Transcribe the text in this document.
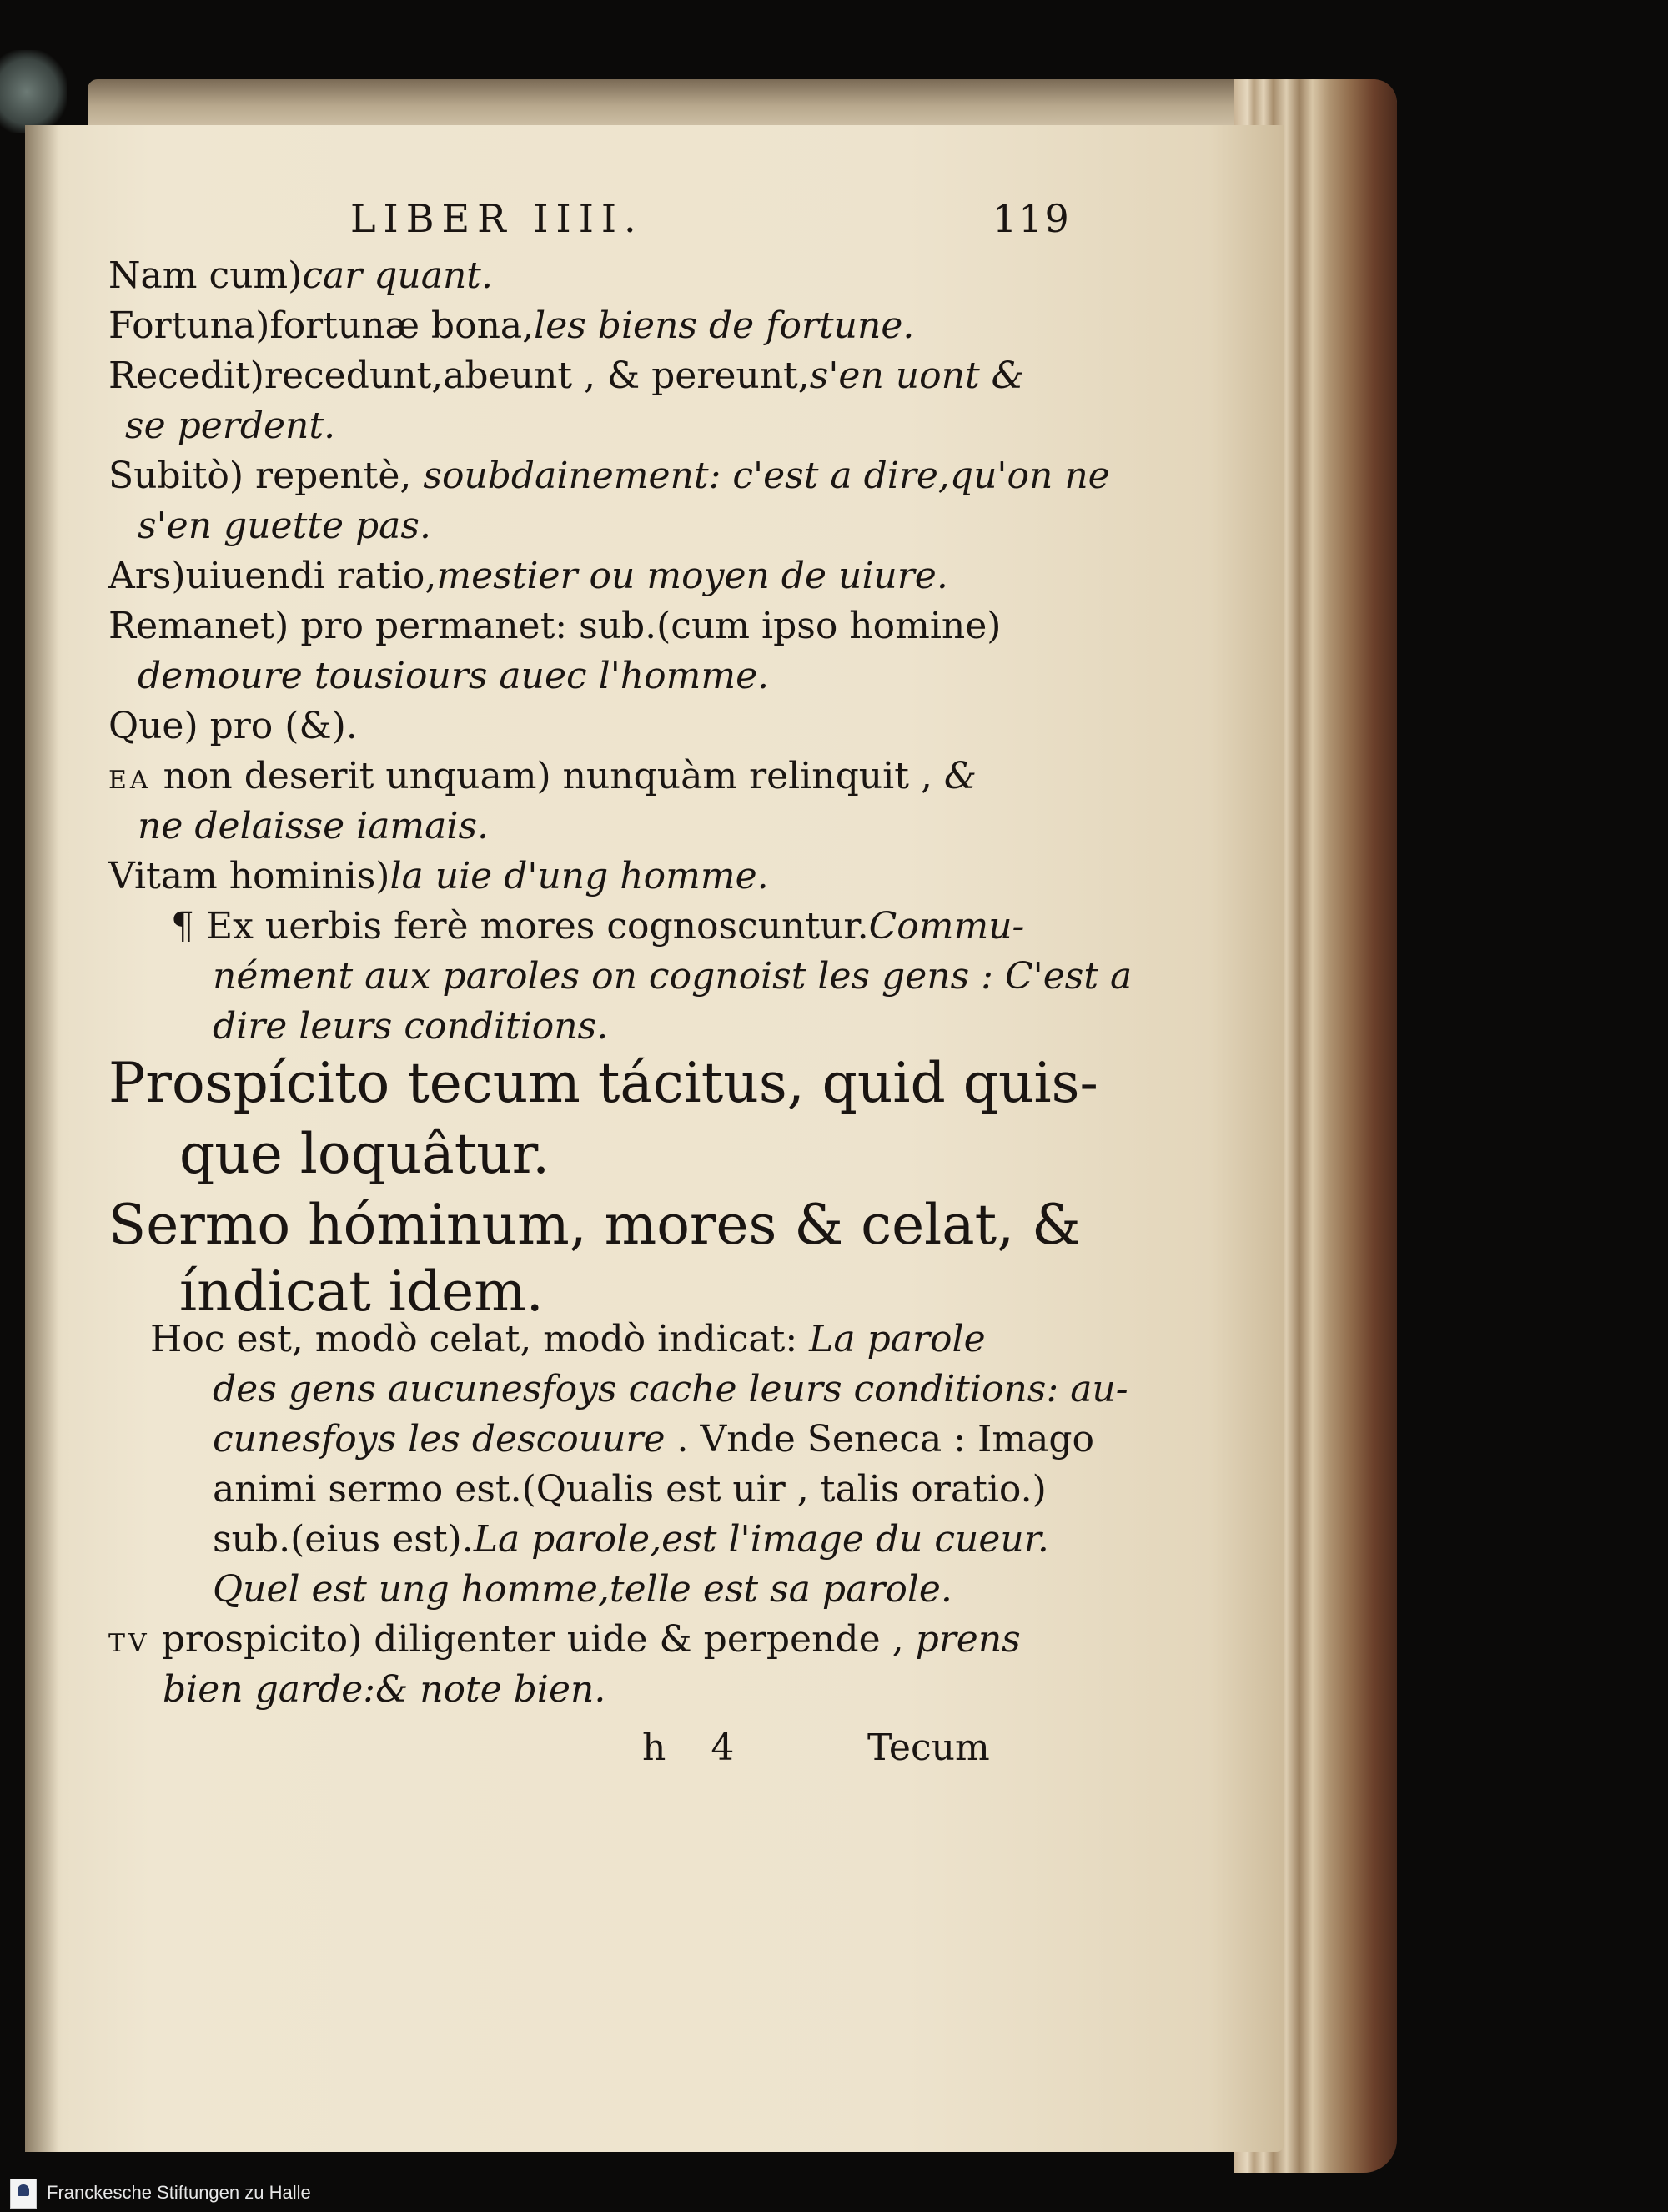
LIBER IIII.	119
Nam cum)car quant.
Fortuna)fortunæ bona,les biens de fortune.
Recedit)recedunt,abeunt , & pereunt,s'en uont &
se perdent.
Subitò) repentè, soubdainement: c'est a dire,qu'on ne
s'en guette pas.
Ars)uiuendi ratio,mestier ou moyen de uiure.
Remanet) pro permanet: sub.(cum ipso homine)
demoure tousiours auec l'homme.
Que) pro (&).
EA non deserit unquam) nunquàm relinquit , &
ne delaisse iamais.
Vitam hominis)la uie d'ung homme.
¶ Ex uerbis ferè mores cognoscuntur.Commu-
nément aux paroles on cognoist les gens : C'est a
dire leurs conditions.
Prospícito tecum tácitus, quid quis-
que loquâtur.
Sermo hóminum, mores & celat, &
índicat idem.
Hoc est, modò celat, modò indicat: La parole
des gens aucunesfoys cache leurs conditions: au-
cunesfoys les descouure . Vnde Seneca : Imago
animi sermo est.(Qualis est uir , talis oratio.)
sub.(eius est).La parole,est l'image du cueur.
Quel est ung homme,telle est sa parole.
TV prospicito) diligenter uide & perpende , prens
bien garde:& note bien.
h 4	Tecum
Franckesche Stiftungen zu Halle
